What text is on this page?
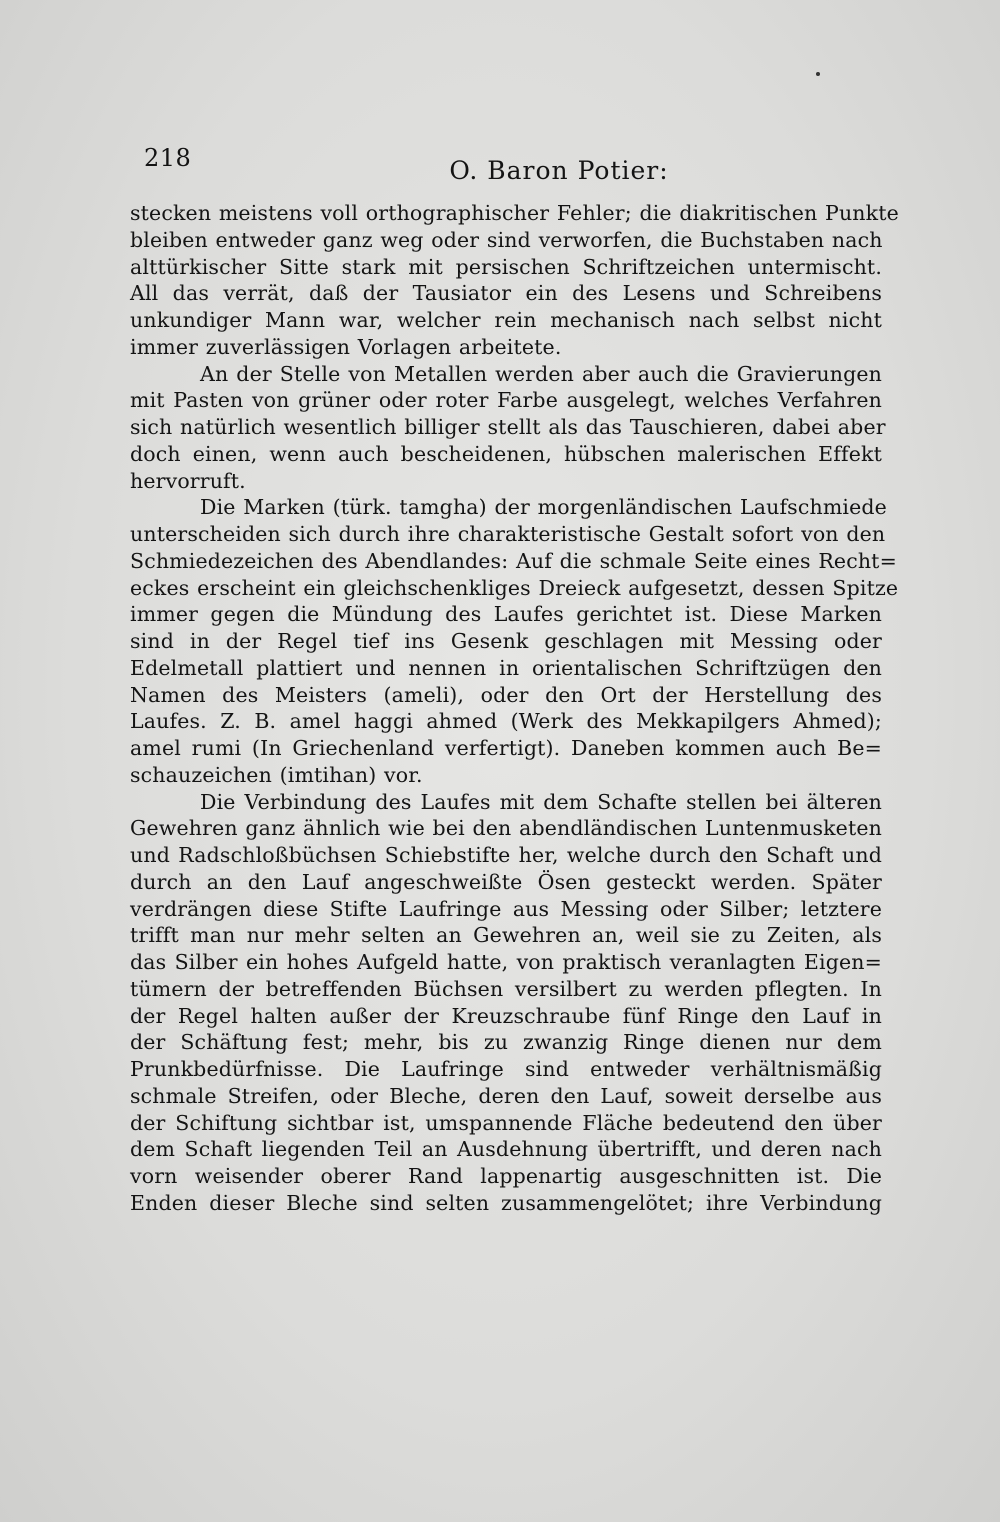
218	O. Baron Potier:
stecken meistens voll orthographischer Fehler; die diakritischen Punkte
bleiben entweder ganz weg oder sind verworfen, die Buchstaben nach
alttürkischer Sitte stark mit persischen Schriftzeichen untermischt.
All das verrät, daß der Tausiator ein des Lesens und Schreibens
unkundiger Mann war, welcher rein mechanisch nach selbst nicht
immer zuverlässigen Vorlagen arbeitete.
An der Stelle von Metallen werden aber auch die Gravierungen
mit Pasten von grüner oder roter Farbe ausgelegt, welches Verfahren
sich natürlich wesentlich billiger stellt als das Tauschieren, dabei aber
doch einen, wenn auch bescheidenen, hübschen malerischen Effekt
hervorruft.
Die Marken (türk. tamgha) der morgenländischen Laufschmiede
unterscheiden sich durch ihre charakteristische Gestalt sofort von den
Schmiedezeichen des Abendlandes: Auf die schmale Seite eines Recht=
eckes erscheint ein gleichschenkliges Dreieck aufgesetzt, dessen Spitze
immer gegen die Mündung des Laufes gerichtet ist. Diese Marken
sind in der Regel tief ins Gesenk geschlagen mit Messing oder
Edelmetall plattiert und nennen in orientalischen Schriftzügen den
Namen des Meisters (ameli), oder den Ort der Herstellung des
Laufes. Z. B. amel haggi ahmed (Werk des Mekkapilgers Ahmed);
amel rumi (In Griechenland verfertigt). Daneben kommen auch Be=
schauzeichen (imtihan) vor.
Die Verbindung des Laufes mit dem Schafte stellen bei älteren
Gewehren ganz ähnlich wie bei den abendländischen Luntenmusketen
und Radschloßbüchsen Schiebstifte her, welche durch den Schaft und
durch an den Lauf angeschweißte Ösen gesteckt werden. Später
verdrängen diese Stifte Laufringe aus Messing oder Silber; letztere
trifft man nur mehr selten an Gewehren an, weil sie zu Zeiten, als
das Silber ein hohes Aufgeld hatte, von praktisch veranlagten Eigen=
tümern der betreffenden Büchsen versilbert zu werden pflegten. In
der Regel halten außer der Kreuzschraube fünf Ringe den Lauf in
der Schäftung fest; mehr, bis zu zwanzig Ringe dienen nur dem
Prunkbedürfnisse. Die Laufringe sind entweder verhältnismäßig
schmale Streifen, oder Bleche, deren den Lauf, soweit derselbe aus
der Schiftung sichtbar ist, umspannende Fläche bedeutend den über
dem Schaft liegenden Teil an Ausdehnung übertrifft, und deren nach
vorn weisender oberer Rand lappenartig ausgeschnitten ist. Die
Enden dieser Bleche sind selten zusammengelötet; ihre Verbindung
